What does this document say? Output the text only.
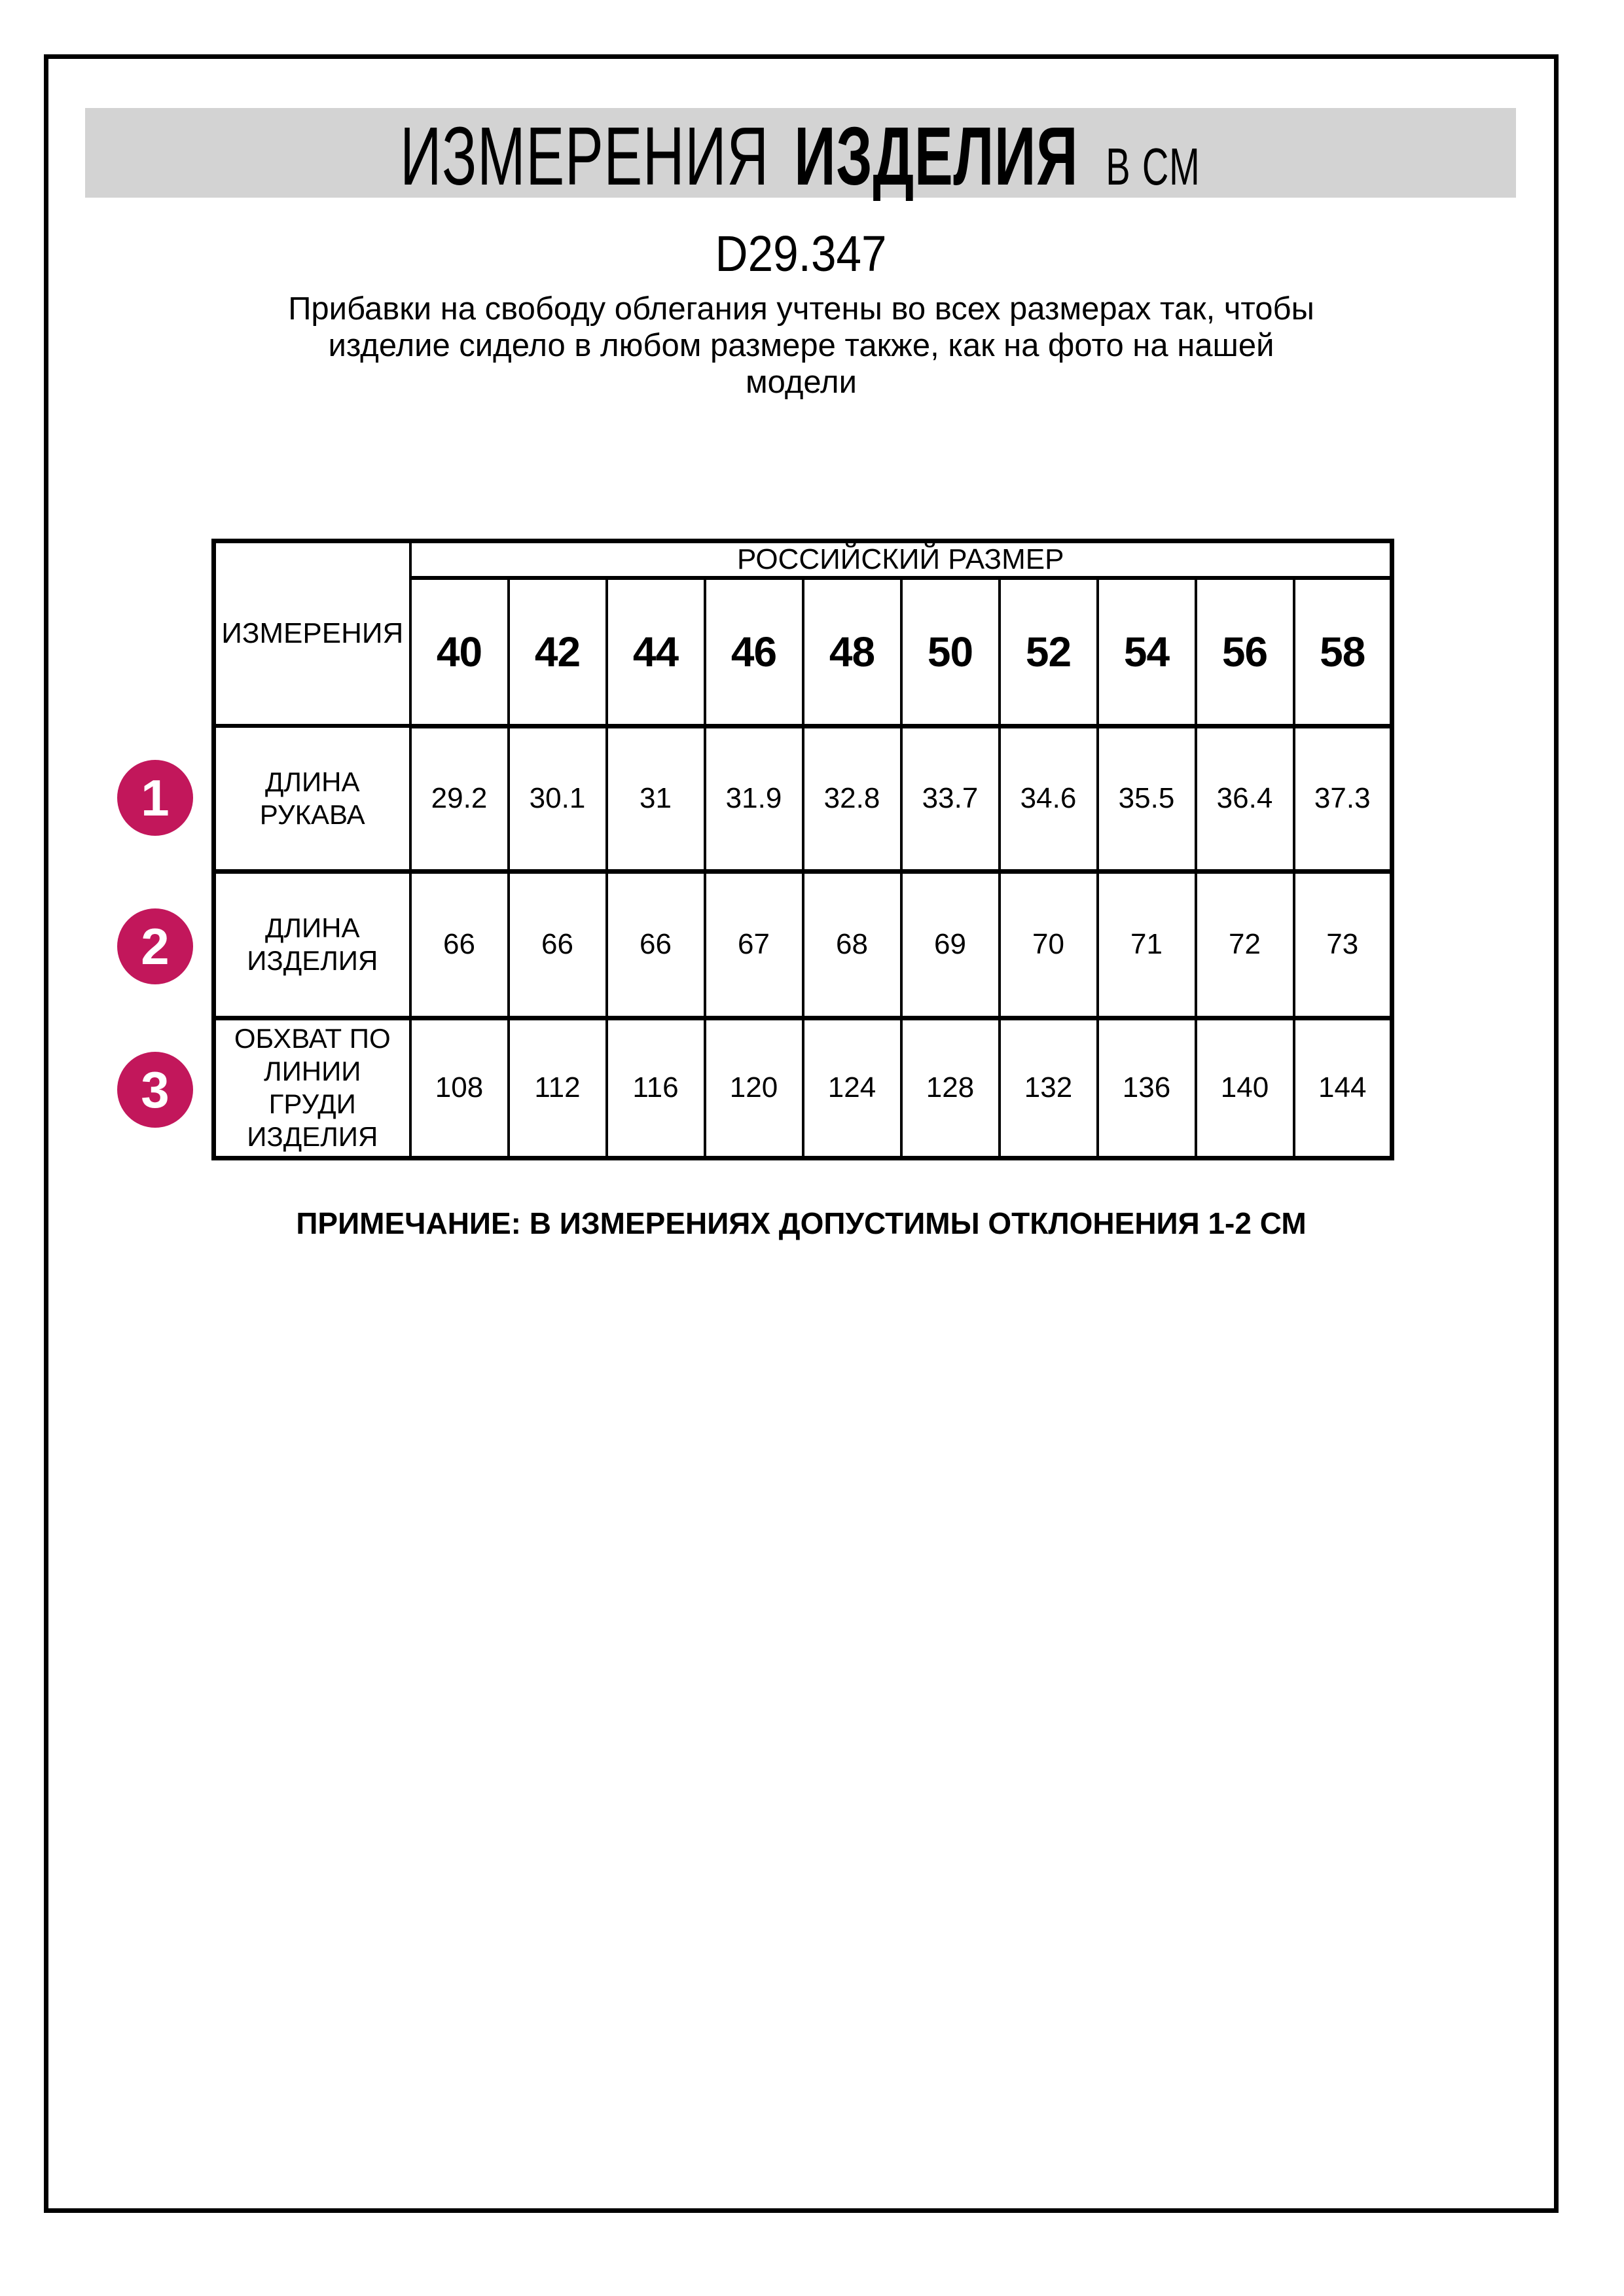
ИЗМЕРЕНИЯ ИЗДЕЛИЯ В СМ
D29.347
Прибавки на свободу облегания учтены во всех размерах так, чтобы
изделие сидело в любом размере также, как на фото на нашей
модели
ИЗМЕРЕНИЯ	РОССИЙСКИЙ РАЗМЕР									
	40	42	44	46	48	50	52	54	56	58

ДЛИНА
РУКАВА	29.2	30.1	31	31.9	32.8	33.7	34.6	35.5	36.4	37.3

ДЛИНА
ИЗДЕЛИЯ	66	66	66	67	68	69	70	71	72	73

ОБХВАТ ПО
ЛИНИИ
ГРУДИ
ИЗДЕЛИЯ	108	112	116	120	124	128	132	136	140	144
1
2
3
ПРИМЕЧАНИЕ: В ИЗМЕРЕНИЯХ ДОПУСТИМЫ ОТКЛОНЕНИЯ 1-2 СМ
